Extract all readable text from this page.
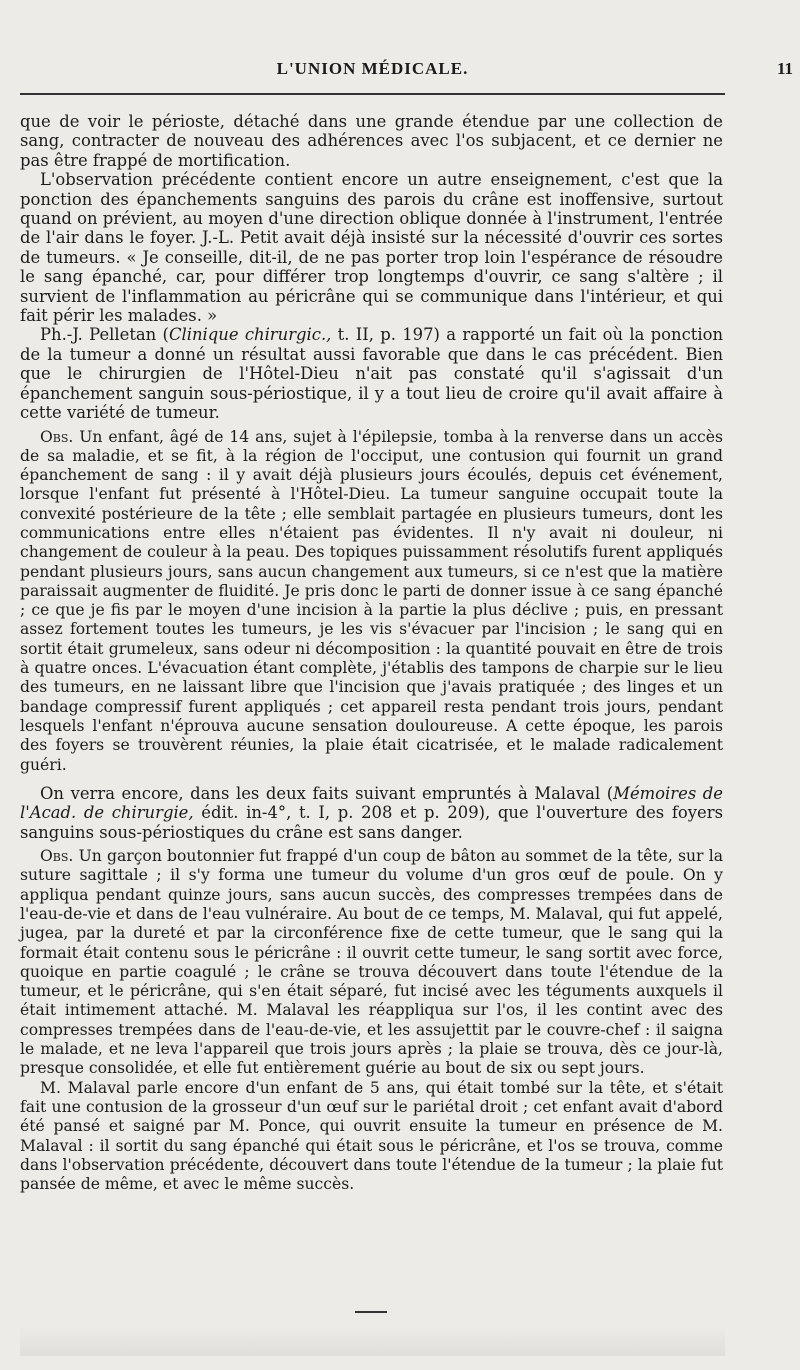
L'UNION MÉDICALE.	11

que de voir le périoste, détaché dans une grande étendue par une collection de sang, contracter de nouveau des adhérences avec l'os subjacent, et ce dernier ne pas être frappé de mortification.

L'observation précédente contient encore un autre enseignement, c'est que la ponction des épanchements sanguins des parois du crâne est inoffensive, surtout quand on prévient, au moyen d'une direction oblique donnée à l'instrument, l'entrée de l'air dans le foyer. J.-L. Petit avait déjà insisté sur la nécessité d'ouvrir ces sortes de tumeurs. « Je conseille, dit-il, de ne pas porter trop loin l'espérance de résoudre le sang épanché, car, pour différer trop longtemps d'ouvrir, ce sang s'altère ; il survient de l'inflammation au péricrâne qui se communique dans l'intérieur, et qui fait périr les malades. »

Ph.-J. Pelletan (Clinique chirurgic., t. II, p. 197) a rapporté un fait où la ponction de la tumeur a donné un résultat aussi favorable que dans le cas précédent. Bien que le chirurgien de l'Hôtel-Dieu n'ait pas constaté qu'il s'agissait d'un épanchement sanguin sous-périostique, il y a tout lieu de croire qu'il avait affaire à cette variété de tumeur.

Obs. Un enfant, âgé de 14 ans, sujet à l'épilepsie, tomba à la renverse dans un accès de sa maladie, et se fit, à la région de l'occiput, une contusion qui fournit un grand épanchement de sang : il y avait déjà plusieurs jours écoulés, depuis cet événement, lorsque l'enfant fut présenté à l'Hôtel-Dieu. La tumeur sanguine occupait toute la convexité postérieure de la tête ; elle semblait partagée en plusieurs tumeurs, dont les communications entre elles n'étaient pas évidentes. Il n'y avait ni douleur, ni changement de couleur à la peau. Des topiques puissamment résolutifs furent appliqués pendant plusieurs jours, sans aucun changement aux tumeurs, si ce n'est que la matière paraissait augmenter de fluidité. Je pris donc le parti de donner issue à ce sang épanché ; ce que je fis par le moyen d'une incision à la partie la plus déclive ; puis, en pressant assez fortement toutes les tumeurs, je les vis s'évacuer par l'incision ; le sang qui en sortit était grumeleux, sans odeur ni décomposition : la quantité pouvait en être de trois à quatre onces. L'évacuation étant complète, j'établis des tampons de charpie sur le lieu des tumeurs, en ne laissant libre que l'incision que j'avais pratiquée ; des linges et un bandage compressif furent appliqués ; cet appareil resta pendant trois jours, pendant lesquels l'enfant n'éprouva aucune sensation douloureuse. A cette époque, les parois des foyers se trouvèrent réunies, la plaie était cicatrisée, et le malade radicalement guéri.

On verra encore, dans les deux faits suivant empruntés à Malaval (Mémoires de l'Acad. de chirurgie, édit. in-4°, t. I, p. 208 et p. 209), que l'ouverture des foyers sanguins sous-périostiques du crâne est sans danger.

Obs. Un garçon boutonnier fut frappé d'un coup de bâton au sommet de la tête, sur la suture sagittale ; il s'y forma une tumeur du volume d'un gros œuf de poule. On y appliqua pendant quinze jours, sans aucun succès, des compresses trempées dans de l'eau-de-vie et dans de l'eau vulnéraire. Au bout de ce temps, M. Malaval, qui fut appelé, jugea, par la dureté et par la circonférence fixe de cette tumeur, que le sang qui la formait était contenu sous le péricrâne : il ouvrit cette tumeur, le sang sortit avec force, quoique en partie coagulé ; le crâne se trouva découvert dans toute l'étendue de la tumeur, et le péricrâne, qui s'en était séparé, fut incisé avec les téguments auxquels il était intimement attaché. M. Malaval les réappliqua sur l'os, il les contint avec des compresses trempées dans de l'eau-de-vie, et les assujettit par le couvre-chef : il saigna le malade, et ne leva l'appareil que trois jours après ; la plaie se trouva, dès ce jour-là, presque consolidée, et elle fut entièrement guérie au bout de six ou sept jours.

M. Malaval parle encore d'un enfant de 5 ans, qui était tombé sur la tête, et s'était fait une contusion de la grosseur d'un œuf sur le pariétal droit ; cet enfant avait d'abord été pansé et saigné par M. Ponce, qui ouvrit ensuite la tumeur en présence de M. Malaval : il sortit du sang épanché qui était sous le péricrâne, et l'os se trouva, comme dans l'observation précédente, découvert dans toute l'étendue de la tumeur ; la plaie fut pansée de même, et avec le même succès.
